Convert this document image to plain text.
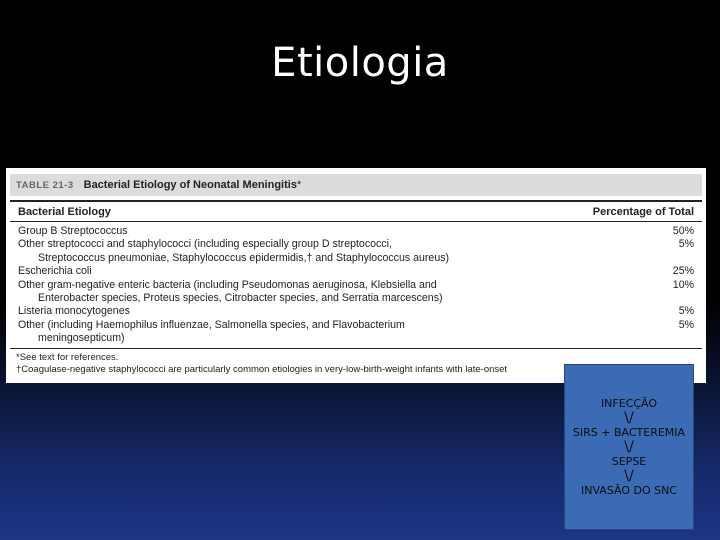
Etiologia
TABLE 21-3 Bacterial Etiology of Neonatal Meningitis *
Bacterial Etiology	Percentage of Total
Group B Streptococcus	50%
Other streptococci and staphylococci (including especially group D streptococci,	5%
Streptococcus pneumoniae, Staphylococcus epidermidis,† and Staphylococcus aureus)
Escherichia coli	25%
Other gram-negative enteric bacteria (including Pseudomonas aeruginosa, Klebsiella and	10%
Enterobacter species, Proteus species, Citrobacter species, and Serratia marcescens)
Listeria monocytogenes	5%
Other (including Haemophilus influenzae, Salmonella species, and Flavobacterium	5%
meningosepticum)
*See text for references.
†Coagulase-negative staphylococci are particularly common etiologies in very-low-birth-weight infants with late-onset
INFECÇÃO
\/
SIRS + BACTEREMIA
\/
SEPSE
\/
INVASÃO DO SNC
